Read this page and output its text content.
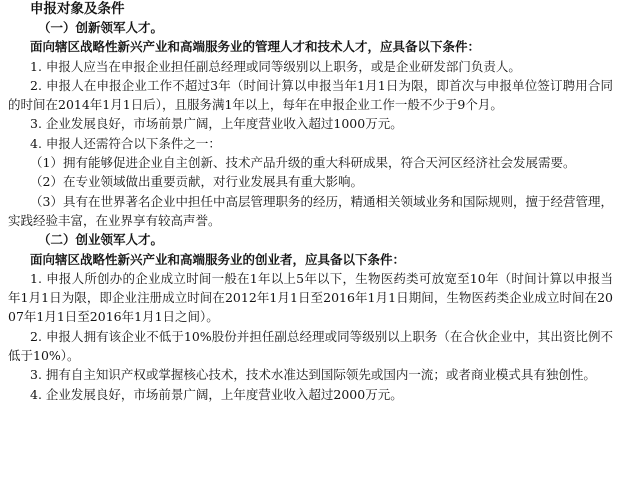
申报对象及条件

（一）创新领军人才。

面向辖区战略性新兴产业和高端服务业的管理人才和技术人才，应具备以下条件：

1. 申报人应当在申报企业担任副总经理或同等级别以上职务，或是企业研发部门负责人。

2. 申报人在申报企业工作不超过3年（时间计算以申报当年1月1日为限，即首次与申报单位签订聘用合同的时间在2014年1月1日后），且服务满1年以上，每年在申报企业工作一般不少于9个月。

3. 企业发展良好，市场前景广阔，上年度营业收入超过1000万元。

4. 申报人还需符合以下条件之一：

（1）拥有能够促进企业自主创新、技术产品升级的重大科研成果，符合天河区经济社会发展需要。

（2）在专业领域做出重要贡献，对行业发展具有重大影响。

（3）具有在世界著名企业中担任中高层管理职务的经历，精通相关领域业务和国际规则，擅于经营管理，实践经验丰富，在业界享有较高声誉。

（二）创业领军人才。

面向辖区战略性新兴产业和高端服务业的创业者，应具备以下条件：

1. 申报人所创办的企业成立时间一般在1年以上5年以下，生物医药类可放宽至10年（时间计算以申报当年1月1日为限，即企业注册成立时间在2012年1月1日至2016年1月1日期间，生物医药类企业成立时间在2007年1月1日至2016年1月1日之间）。

2. 申报人拥有该企业不低于10%股份并担任副总经理或同等级别以上职务（在合伙企业中，其出资比例不低于10%）。

3. 拥有自主知识产权或掌握核心技术，技术水准达到国际领先或国内一流；或者商业模式具有独创性。

4. 企业发展良好，市场前景广阔，上年度营业收入超过2000万元。
